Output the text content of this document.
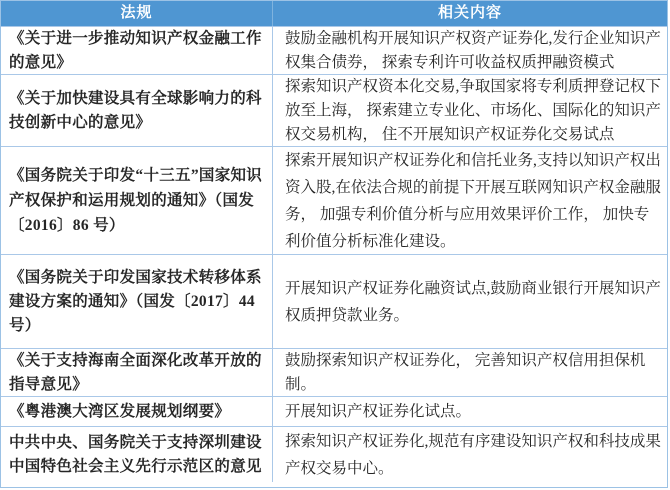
法规	相关内容
《关于进一步推动知识产权金融工作的意见》
鼓励金融机构开展知识产权资产证券化,发行企业知识产权集合债券， 探索专利许可收益权质押融资模式
《关于加快建设具有全球影响力的科技创新中心的意见》
探索知识产权资本化交易,争取国家将专利质押登记权下放至上海， 探索建立专业化、市场化、国际化的知识产权交易机构， 住不开展知识产权证券化交易试点
《国务院关于印发“十三五”国家知识产权保护和运用规划的通知》（国发〔2016〕86 号）
探索开展知识产权证券化和信托业务,支持以知识产权出资入股,在依法合规的前提下开展互联网知识产权金融服务， 加强专利价值分析与应用效果评价工作， 加快专利价值分析标准化建设。
《国务院关于印发国家技术转移体系建设方案的通知》（国发〔2017〕44号）
开展知识产权证券化融资试点,鼓励商业银行开展知识产权质押贷款业务。
《关于支持海南全面深化改革开放的指导意见》
鼓励探索知识产权证券化， 完善知识产权信用担保机制。
《粤港澳大湾区发展规划纲要》	开展知识产权证券化试点。
中共中央、国务院关于支持深圳建设中国特色社会主义先行示范区的意见
探索知识产权证券化,规范有序建设知识产权和科技成果产权交易中心。
